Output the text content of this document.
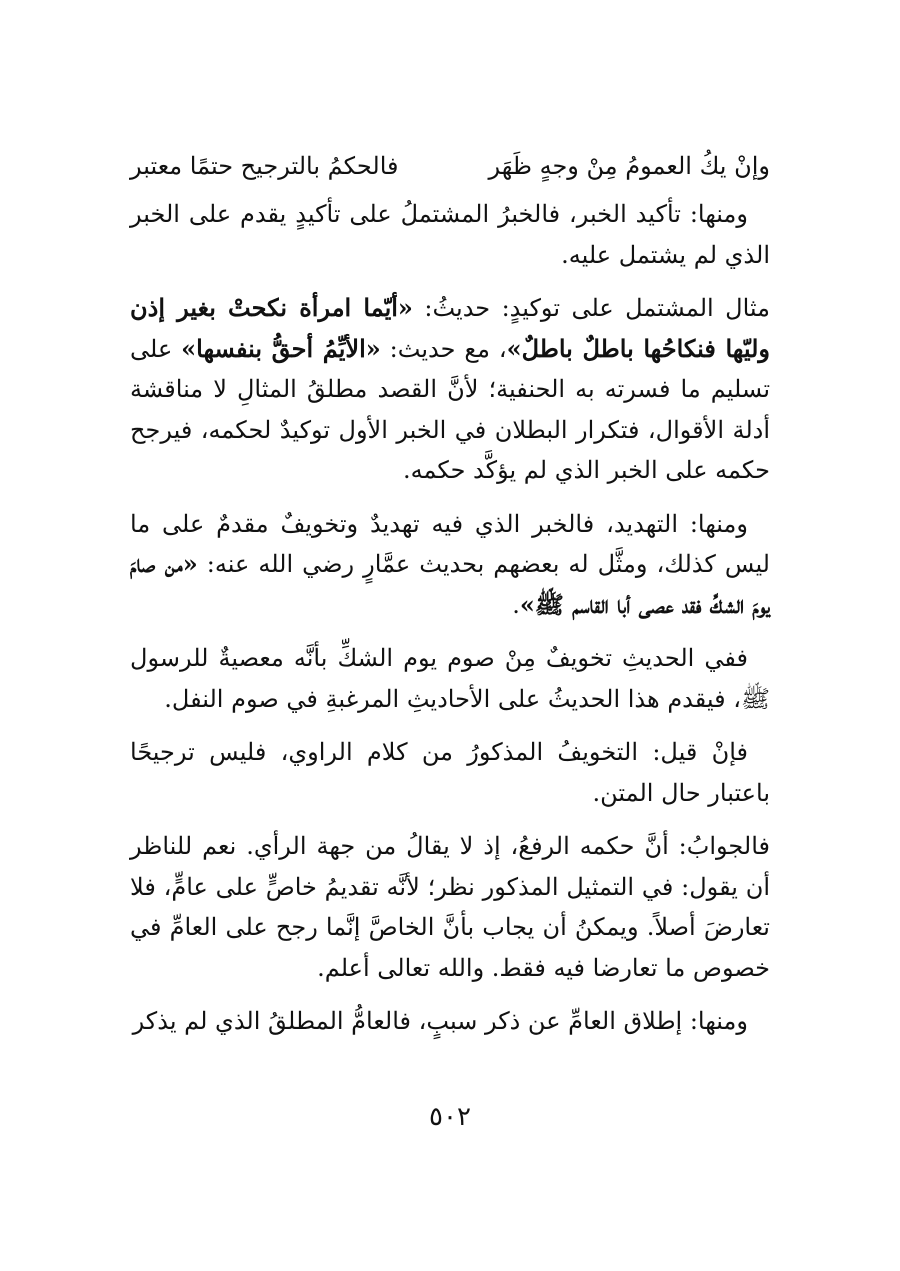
وإنْ يكُ العمومُ مِنْ وجهٍ ظَهَر
فالحكمُ بالترجيح حتمًا معتبر

ومنها: تأكيد الخبر، فالخبرُ المشتملُ على تأكيدٍ يقدم على الخبر الذي لم يشتمل عليه.

مثال المشتمل على توكيدٍ: حديثُ: «أيّما امرأة نكحتْ بغير إذن وليّها فنكاحُها باطلٌ باطلٌ»، مع حديث: «الأيِّمُ أحقُّ بنفسها» على تسليم ما فسرته به الحنفية؛ لأنَّ القصد مطلقُ المثالِ لا مناقشة أدلة الأقوال، فتكرار البطلان في الخبر الأول توكيدٌ لحكمه، فيرجح حكمه على الخبر الذي لم يؤكَّد حكمه.

ومنها: التهديد، فالخبر الذي فيه تهديدٌ وتخويفٌ مقدمٌ على ما ليس كذلك، ومثَّل له بعضهم بحديث عمَّارٍ رضي الله عنه: «من صامَ يومَ الشكِّ فقد عصى أبا القاسم ﷺ».

ففي الحديثِ تخويفٌ مِنْ صوم يوم الشكِّ بأنَّه معصيةٌ للرسول ﷺ، فيقدم هذا الحديثُ على الأحاديثِ المرغبةِ في صوم النفل.

فإنْ قيل: التخويفُ المذكورُ من كلام الراوي، فليس ترجيحًا باعتبار حال المتن.

فالجوابُ: أنَّ حكمه الرفعُ، إذ لا يقالُ من جهة الرأي. نعم للناظر أن يقول: في التمثيل المذكور نظر؛ لأنَّه تقديمُ خاصٍّ على عامٍّ، فلا تعارضَ أصلاً. ويمكنُ أن يجاب بأنَّ الخاصَّ إنَّما رجح على العامِّ في خصوص ما تعارضا فيه فقط. والله تعالى أعلم.

ومنها: إطلاق العامِّ عن ذكر سببٍ، فالعامُّ المطلقُ الذي لم يذكر

٥٠٢
